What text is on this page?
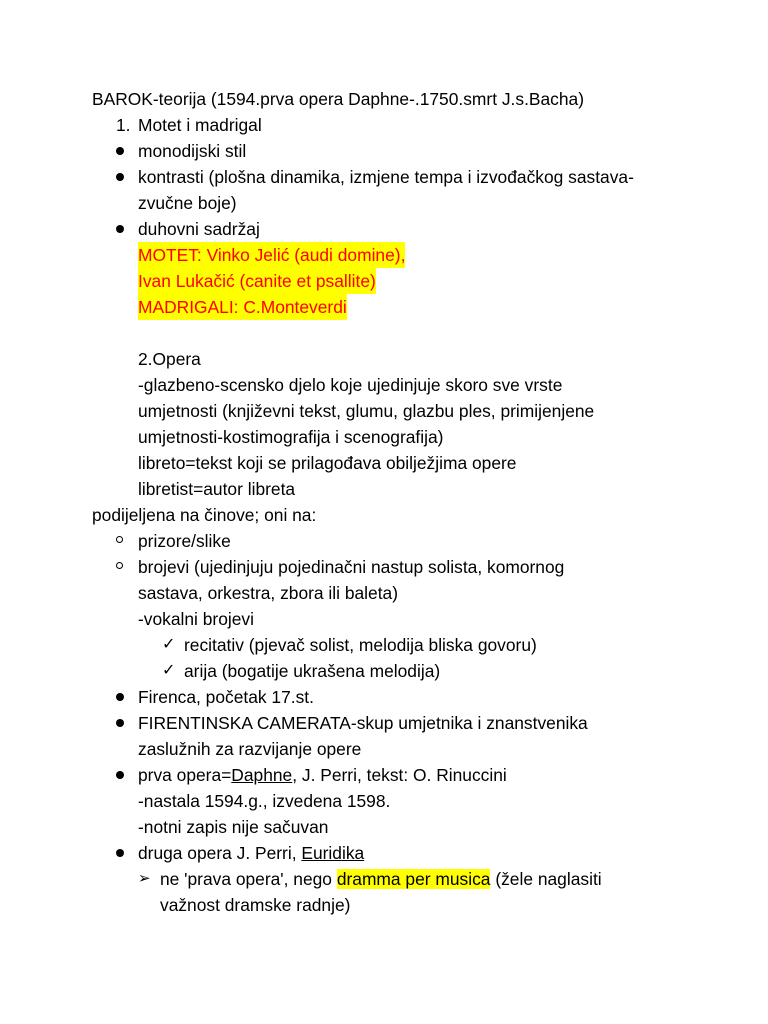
BAROK-teorija (1594.prva opera Daphne-.1750.smrt J.s.Bacha)
1. Motet i madrigal
monodijski stil
kontrasti (plošna dinamika, izmjene tempa i izvođačkog sastava-
zvučne boje)
duhovni sadržaj
MOTET: Vinko Jelić (audi domine),
Ivan Lukačić (canite et psallite)
MADRIGALI: C.Monteverdi
2.Opera
-glazbeno-scensko djelo koje ujedinjuje skoro sve vrste
umjetnosti (književni tekst, glumu, glazbu ples, primijenjene
umjetnosti-kostimografija i scenografija)
libreto=tekst koji se prilagođava obilježjima opere
libretist=autor libreta
podijeljena na činove; oni na:
prizore/slike
brojevi (ujedinjuju pojedinačni nastup solista, komornog
sastava, orkestra, zbora ili baleta)
-vokalni brojevi
✓ recitativ (pjevač solist, melodija bliska govoru)
✓ arija (bogatije ukrašena melodija)
Firenca, početak 17.st.
FIRENTINSKA CAMERATA-skup umjetnika i znanstvenika
zaslužnih za razvijanje opere
prva opera=Daphne, J. Perri, tekst: O. Rinuccini
-nastala 1594.g., izvedena 1598.
-notni zapis nije sačuvan
druga opera J. Perri, Euridika
➢ ne 'prava opera', nego dramma per musica (žele naglasiti
važnost dramske radnje)
